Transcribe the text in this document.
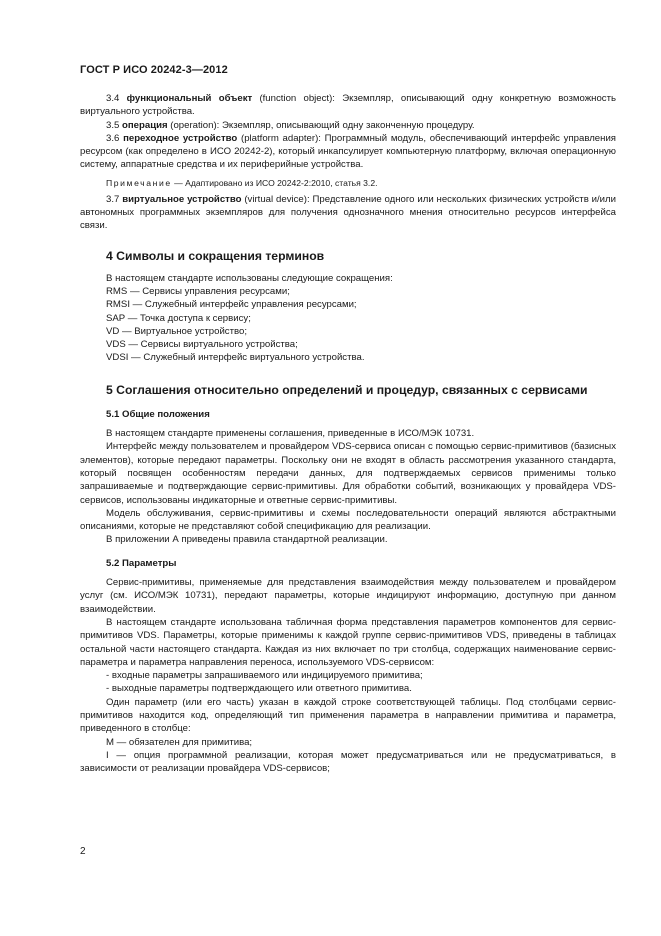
ГОСТ Р ИСО 20242-3—2012

3.4 функциональный объект (function object): Экземпляр, описывающий одну конкретную возможность виртуального устройства.

3.5 операция (operation): Экземпляр, описывающий одну законченную процедуру.

3.6 переходное устройство (platform adapter): Программный модуль, обеспечивающий интерфейс управления ресурсом (как определено в ИСО 20242-2), который инкапсулирует компьютерную платформу, включая операционную систему, аппаратные средства и их периферийные устройства.

Примечание — Адаптировано из ИСО 20242-2:2010, статья 3.2.

3.7 виртуальное устройство (virtual device): Представление одного или нескольких физических устройств и/или автономных программных экземпляров для получения однозначного мнения относительно ресурсов интерфейса связи.

4 Символы и сокращения терминов

В настоящем стандарте использованы следующие сокращения:

RMS — Сервисы управления ресурсами;

RMSI — Служебный интерфейс управления ресурсами;

SAP — Точка доступа к сервису;

VD — Виртуальное устройство;

VDS — Сервисы виртуального устройства;

VDSI — Служебный интерфейс виртуального устройства.

5 Соглашения относительно определений и процедур, связанных с сервисами

5.1 Общие положения

В настоящем стандарте применены соглашения, приведенные в ИСО/МЭК 10731.

Интерфейс между пользователем и провайдером VDS-сервиса описан с помощью сервис-примитивов (базисных элементов), которые передают параметры. Поскольку они не входят в область рассмотрения указанного стандарта, который посвящен особенностям передачи данных, для подтверждаемых сервисов применимы только запрашиваемые и подтверждающие сервис-примитивы. Для обработки событий, возникающих у провайдера VDS-сервисов, использованы индикаторные и ответные сервис-примитивы.

Модель обслуживания, сервис-примитивы и схемы последовательности операций являются абстрактными описаниями, которые не представляют собой спецификацию для реализации.

В приложении А приведены правила стандартной реализации.

5.2 Параметры

Сервис-примитивы, применяемые для представления взаимодействия между пользователем и провайдером услуг (см. ИСО/МЭК 10731), передают параметры, которые индицируют информацию, доступную при данном взаимодействии.

В настоящем стандарте использована табличная форма представления параметров компонентов для сервис-примитивов VDS. Параметры, которые применимы к каждой группе сервис-примитивов VDS, приведены в таблицах остальной части настоящего стандарта. Каждая из них включает по три столбца, содержащих наименование сервис-параметра и параметра направления переноса, используемого VDS-сервисом:

- входные параметры запрашиваемого или индицируемого примитива;

- выходные параметры подтверждающего или ответного примитива.

Один параметр (или его часть) указан в каждой строке соответствующей таблицы. Под столбцами сервис-примитивов находится код, определяющий тип применения параметра в направлении примитива и параметра, приведенного в столбце:

M — обязателен для примитива;

I — опция программной реализации, которая может предусматриваться или не предусматриваться, в зависимости от реализации провайдера VDS-сервисов;

2
